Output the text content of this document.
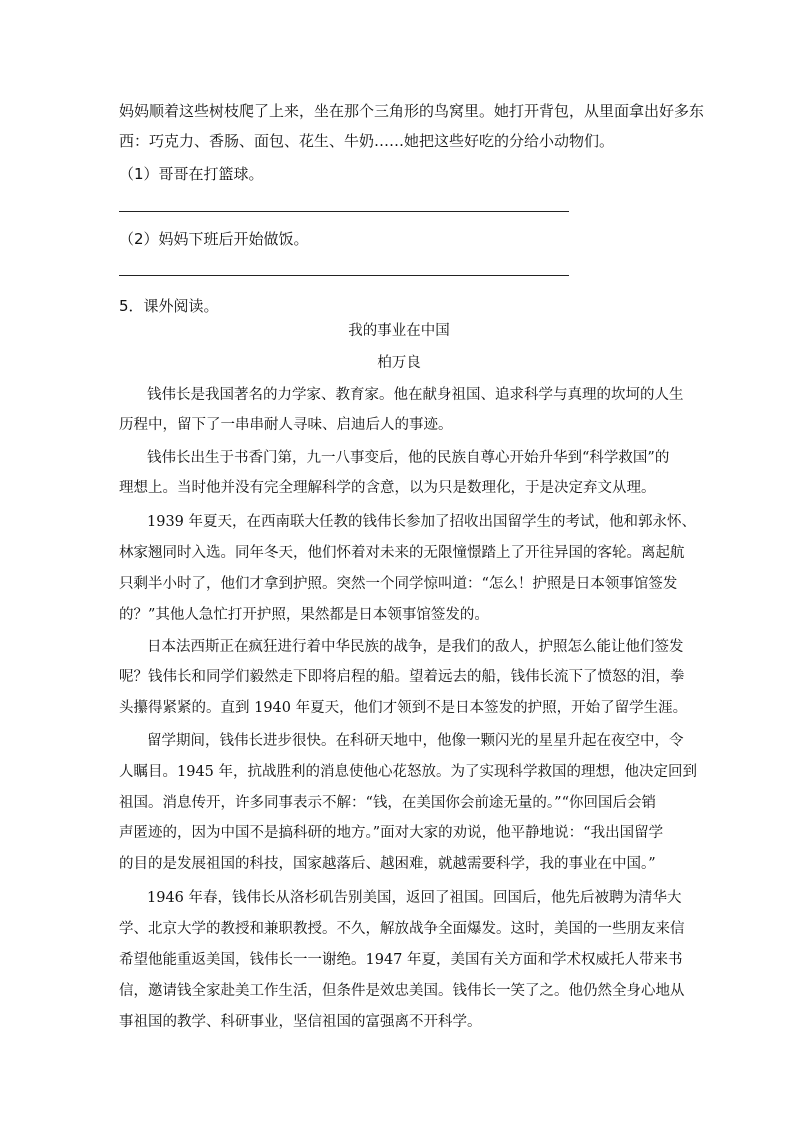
妈妈顺着这些树枝爬了上来，坐在那个三角形的鸟窝里。她打开背包，从里面拿出好多东
西：巧克力、香肠、面包、花生、牛奶……她把这些好吃的分给小动物们。
（1）哥哥在打篮球。
（2）妈妈下班后开始做饭。
5．课外阅读。
我的事业在中国
柏万良
钱伟长是我国著名的力学家、教育家。他在献身祖国、追求科学与真理的坎坷的人生
历程中，留下了一串串耐人寻味、启迪后人的事迹。
钱伟长出生于书香门第，九一八事变后，他的民族自尊心开始升华到“科学救国”的
理想上。当时他并没有完全理解科学的含意，以为只是数理化，于是决定弃文从理。
1939 年夏天，在西南联大任教的钱伟长参加了招收出国留学生的考试，他和郭永怀、
林家翘同时入选。同年冬天，他们怀着对未来的无限憧憬踏上了开往异国的客轮。离起航
只剩半小时了，他们才拿到护照。突然一个同学惊叫道：“怎么！护照是日本领事馆签发
的？”其他人急忙打开护照，果然都是日本领事馆签发的。
日本法西斯正在疯狂进行着中华民族的战争，是我们的敌人，护照怎么能让他们签发
呢？钱伟长和同学们毅然走下即将启程的船。望着远去的船，钱伟长流下了愤怒的泪，拳
头攥得紧紧的。直到 1940 年夏天，他们才领到不是日本签发的护照，开始了留学生涯。
留学期间，钱伟长进步很快。在科研天地中，他像一颗闪光的星星升起在夜空中，令
人瞩目。1945 年，抗战胜利的消息使他心花怒放。为了实现科学救国的理想，他决定回到
祖国。消息传开，许多同事表示不解：“钱，在美国你会前途无量的。”“你回国后会销
声匿迹的，因为中国不是搞科研的地方。”面对大家的劝说，他平静地说：“我出国留学
的目的是发展祖国的科技，国家越落后、越困难，就越需要科学，我的事业在中国。”
1946 年春，钱伟长从洛杉矶告别美国，返回了祖国。回国后，他先后被聘为清华大
学、北京大学的教授和兼职教授。不久，解放战争全面爆发。这时，美国的一些朋友来信
希望他能重返美国，钱伟长一一谢绝。1947 年夏，美国有关方面和学术权威托人带来书
信，邀请钱全家赴美工作生活，但条件是效忠美国。钱伟长一笑了之。他仍然全身心地从
事祖国的教学、科研事业，坚信祖国的富强离不开科学。
